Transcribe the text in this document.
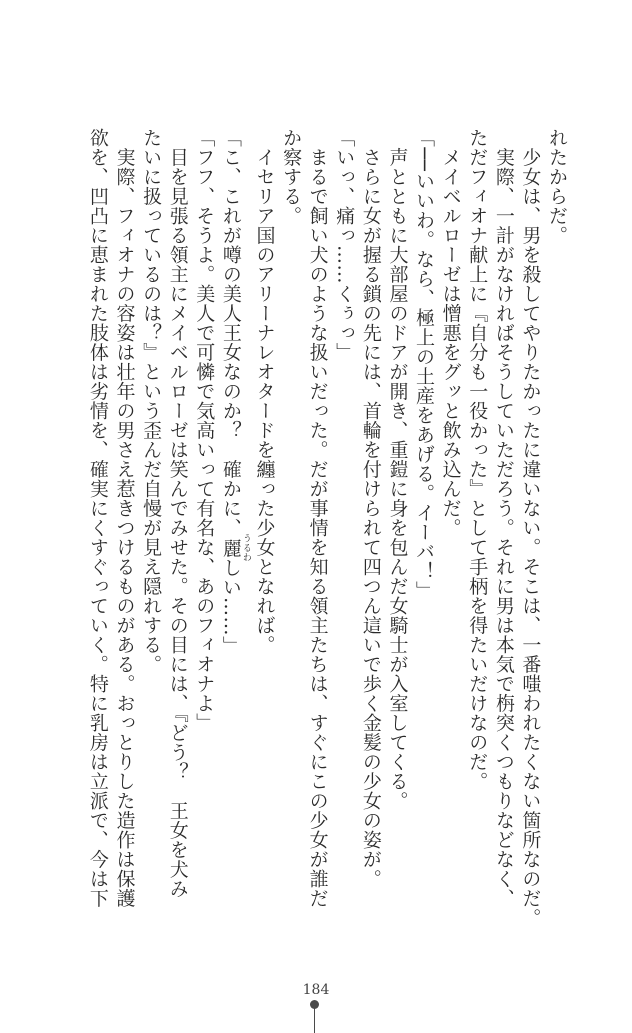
れたからだ。
　少女は、男を殺してやりたかったに違いない。そこは、一番嗤われたくない箇所なのだ。
　実際、一計がなければそうしていただろう。それに男は本気で栴突くつもりなどなく、
ただフィオナ献上に『自分も一役かった』として手柄を得たいだけなのだ。
　メイベルローゼは憎悪をグッと飲み込んだ。
「──いいわ。なら、極上の土産をあげる。イーバ！」
　声とともに大部屋のドアが開き、重鎧に身を包んだ女騎士が入室してくる。
　さらに女が握る鎖の先には、首輪を付けられて四つん這いで歩く金髪の少女の姿が。
「いっ、痛っ……くぅっ」
　まるで飼い犬のような扱いだった。だが事情を知る領主たちは、すぐにこの少女が誰だ
か察する。
　イセリア国のアリーナレオタードを纏った少女となれば。
「こ、これが噂の美人王女なのか？　確かに、麗 うるわしい……」
「フフ、そうよ。美人で可憐で気高いって有名な、あのフィオナよ」
　目を見張る領主にメイベルローゼは笑んでみせた。その目には、『どう？　王女を犬み
たいに扱っているのは？』という歪んだ自慢が見え隠れする。
　実際、フィオナの容姿は壮年の男さえ惹きつけるものがある。おっとりした造作は保護
欲を、凹凸に恵まれた肢体は劣情を、確実にくすぐっていく。特に乳房は立派で、今は下
184
